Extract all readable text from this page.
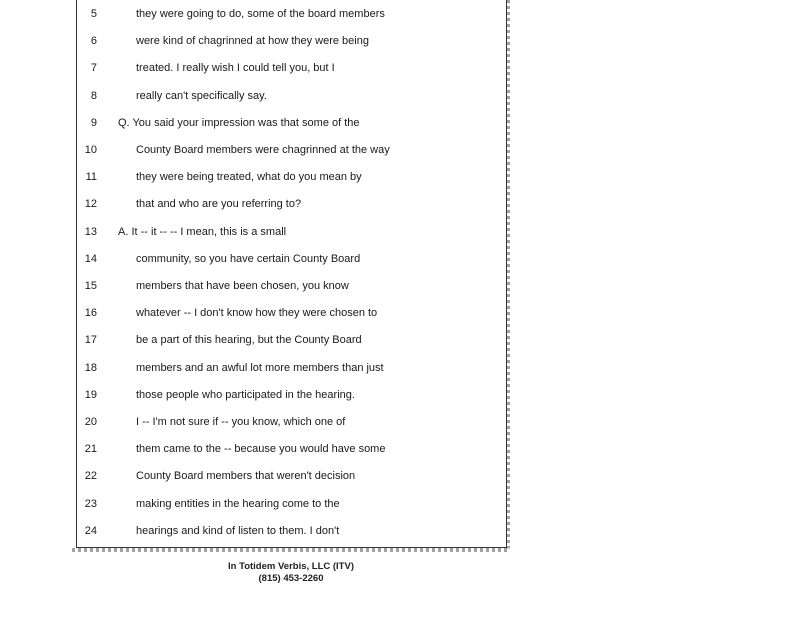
5	they were going to do, some of the board members
6	were kind of chagrinned at how they were being
7	treated. I really wish I could tell you, but I
8	really can't specifically say.
9 Q. You said your impression was that some of the
10	County Board members were chagrinned at the way
11	they were being treated, what do you mean by
12	that and who are you referring to?
13 A. It -- it -- -- I mean, this is a small
14	community, so you have certain County Board
15	members that have been chosen, you know
16	whatever -- I don't know how they were chosen to
17	be a part of this hearing, but the County Board
18	members and an awful lot more members than just
19	those people who participated in the hearing.
20	I -- I'm not sure if -- you know, which one of
21	them came to the -- because you would have some
22	County Board members that weren't decision
23	making entities in the hearing come to the
24	hearings and kind of listen to them. I don't
In Totidem Verbis, LLC (ITV)
(815) 453-2260
